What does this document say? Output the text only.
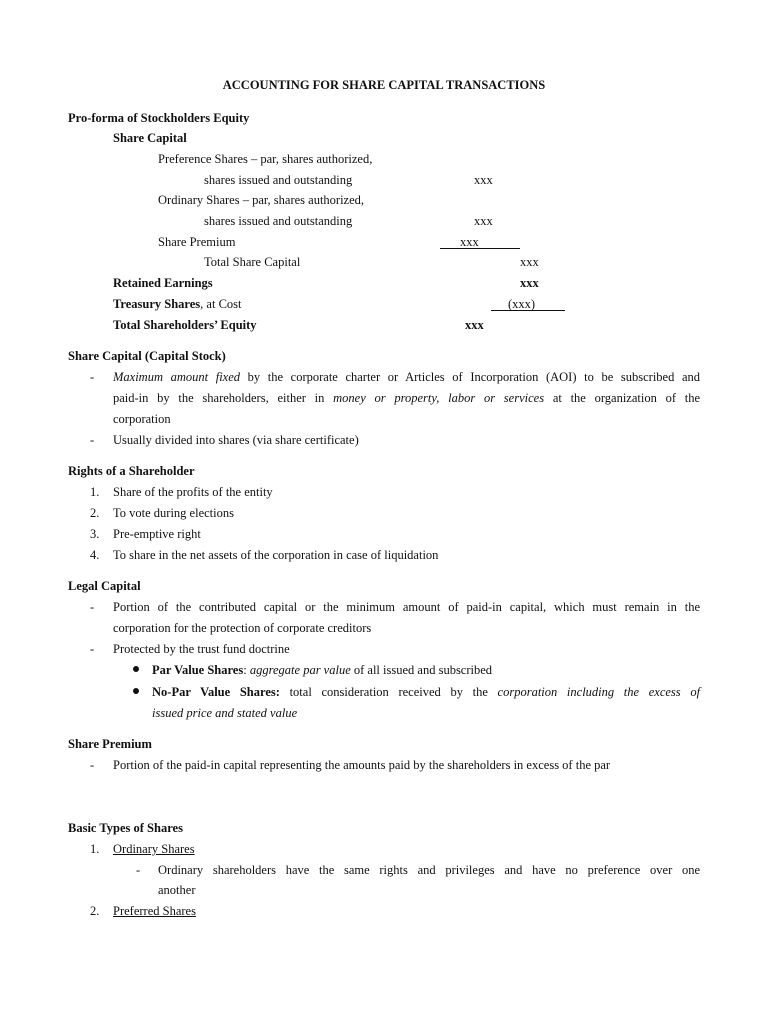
ACCOUNTING FOR SHARE CAPITAL TRANSACTIONS
Pro-forma of Stockholders Equity
Share Capital
Preference Shares – par, shares authorized,
shares issued and outstanding	xxx
Ordinary Shares – par, shares authorized,
shares issued and outstanding	xxx
Share Premium	xxx
Total Share Capital	xxx
Retained Earnings	xxx
Treasury Shares, at Cost	(xxx)
Total Shareholders’ Equity	xxx
Share Capital (Capital Stock)
- Maximum amount fixed by the corporate charter or Articles of Incorporation (AOI) to be subscribed and
paid-in by the shareholders, either in money or property, labor or services at the organization of the
corporation
- Usually divided into shares (via share certificate)
Rights of a Shareholder
1. Share of the profits of the entity
2. To vote during elections
3. Pre-emptive right
4. To share in the net assets of the corporation in case of liquidation
Legal Capital
- Portion of the contributed capital or the minimum amount of paid-in capital, which must remain in the
corporation for the protection of corporate creditors
- Protected by the trust fund doctrine
Par Value Shares: aggregate par value of all issued and subscribed
No-Par Value Shares: total consideration received by the corporation including the excess of
issued price and stated value
Share Premium
- Portion of the paid-in capital representing the amounts paid by the shareholders in excess of the par
Basic Types of Shares
1. Ordinary Shares
- Ordinary shareholders have the same rights and privileges and have no preference over one
another
2. Preferred Shares
